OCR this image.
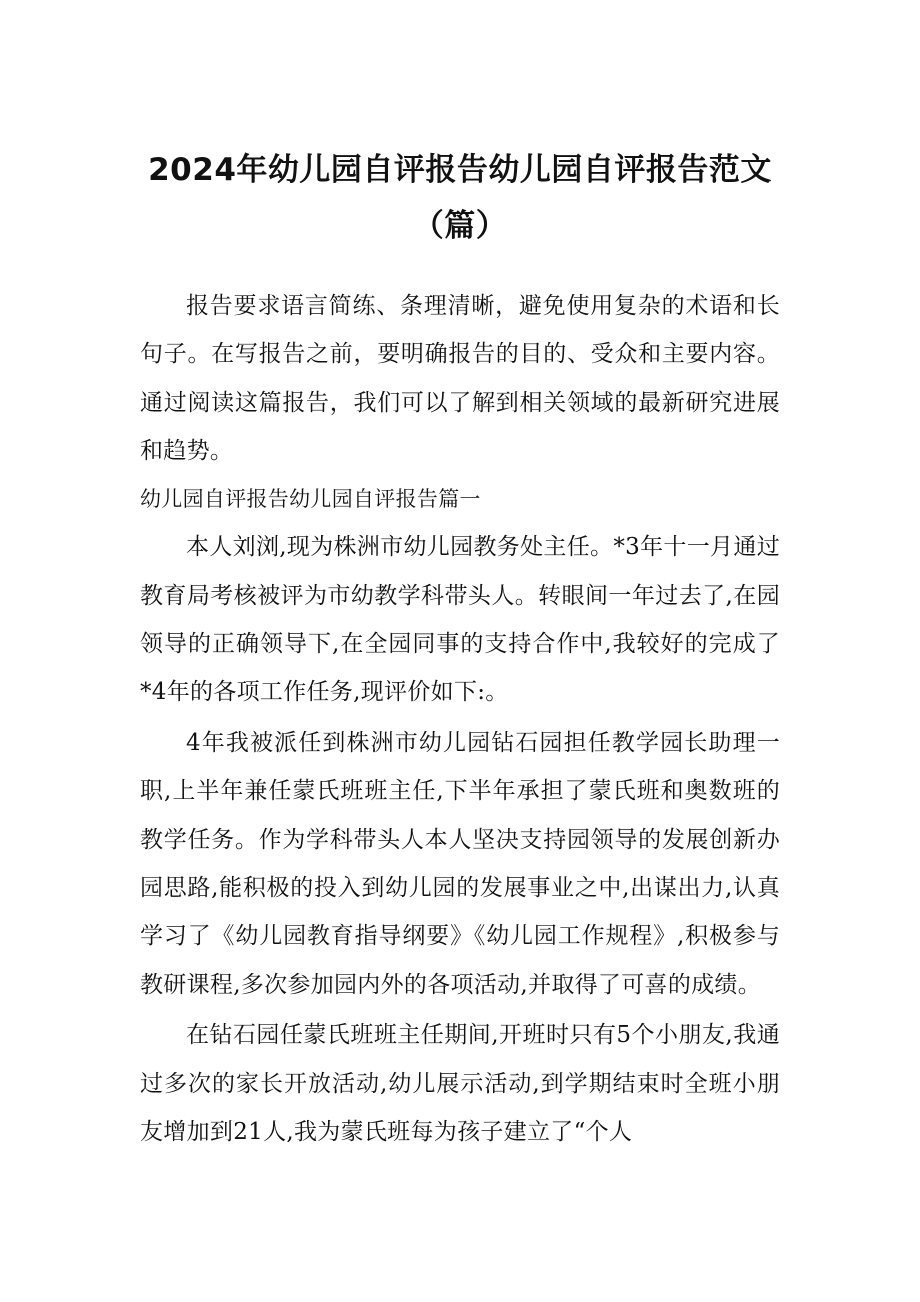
2024年幼儿园自评报告幼儿园自评报告范文（篇）

报告要求语言简练、条理清晰，避免使用复杂的术语和长句子。在写报告之前，要明确报告的目的、受众和主要内容。通过阅读这篇报告，我们可以了解到相关领域的最新研究进展和趋势。

幼儿园自评报告幼儿园自评报告篇一

本人刘浏,现为株洲市幼儿园教务处主任。*3年十一月通过教育局考核被评为市幼教学科带头人。转眼间一年过去了,在园领导的正确领导下,在全园同事的支持合作中,我较好的完成了*4年的各项工作任务,现评价如下:。

4年我被派任到株洲市幼儿园钻石园担任教学园长助理一职,上半年兼任蒙氏班班主任,下半年承担了蒙氏班和奥数班的教学任务。作为学科带头人本人坚决支持园领导的发展创新办园思路,能积极的投入到幼儿园的发展事业之中,出谋出力,认真学习了《幼儿园教育指导纲要》《幼儿园工作规程》,积极参与教研课程,多次参加园内外的各项活动,并取得了可喜的成绩。

在钻石园任蒙氏班班主任期间,开班时只有5个小朋友,我通过多次的家长开放活动,幼儿展示活动,到学期结束时全班小朋友增加到21人,我为蒙氏班每为孩子建立了“个人
